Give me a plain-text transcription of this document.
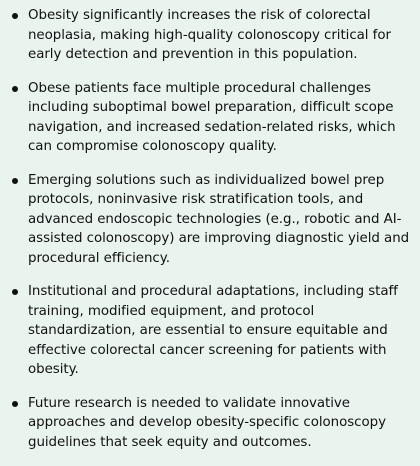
Obesity significantly increases the risk of colorectal neoplasia, making high-quality colonoscopy critical for early detection and prevention in this population.
Obese patients face multiple procedural challenges including suboptimal bowel preparation, difficult scope navigation, and increased sedation-related risks, which can compromise colonoscopy quality.
Emerging solutions such as individualized bowel prep protocols, noninvasive risk stratification tools, and advanced endoscopic technologies (e.g., robotic and AI-assisted colonoscopy) are improving diagnostic yield and procedural efficiency.
Institutional and procedural adaptations, including staff training, modified equipment, and protocol standardization, are essential to ensure equitable and effective colorectal cancer screening for patients with obesity.
Future research is needed to validate innovative approaches and develop obesity-specific colonoscopy guidelines that seek equity and outcomes.
